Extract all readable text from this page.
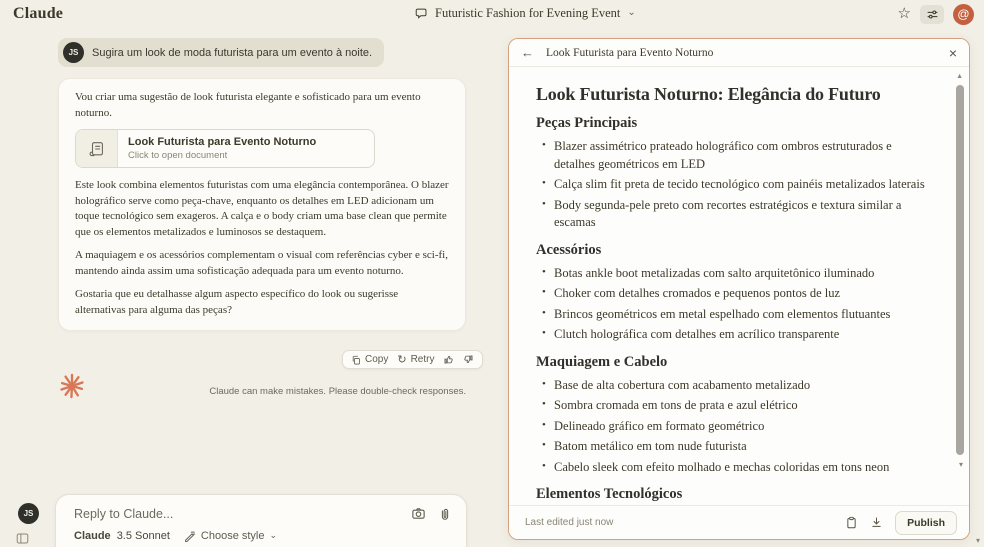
Claude	Futuristic Fashion for Evening Event ⌄	☆	@
JS	Sugira um look de moda futurista para um evento à noite.

Vou criar uma sugestão de look futurista elegante e sofisticado para um evento noturno.

Look Futurista para Evento Noturno
Click to open document

Este look combina elementos futuristas com uma elegância contemporânea. O blazer holográfico serve como peça-chave, enquanto os detalhes em LED adicionam um toque tecnológico sem exageros. A calça e o body criam uma base clean que permite que os elementos metalizados e luminosos se destaquem.

A maquiagem e os acessórios complementam o visual com referências cyber e sci-fi, mantendo ainda assim uma sofisticação adequada para um evento noturno.

Gostaria que eu detalhasse algum aspecto específico do look ou sugerisse alternativas para alguma das peças?

Copy ↻ Retry
Claude can make mistakes. Please double-check responses.
Reply to Claude...
Claude 3.5 Sonnet	Choose style ⌄
JS
← Look Futurista para Evento Noturno	×
Look Futurista Noturno: Elegância do Futuro
Peças Principais
• Blazer assimétrico prateado holográfico com ombros estruturados e detalhes geométricos em LED
• Calça slim fit preta de tecido tecnológico com painéis metalizados laterais
• Body segunda-pele preto com recortes estratégicos e textura similar a escamas
Acessórios
• Botas ankle boot metalizadas com salto arquitetônico iluminado
• Choker com detalhes cromados e pequenos pontos de luz
• Brincos geométricos em metal espelhado com elementos flutuantes
• Clutch holográfica com detalhes em acrílico transparente
Maquiagem e Cabelo
• Base de alta cobertura com acabamento metalizado
• Sombra cromada em tons de prata e azul elétrico
• Delineado gráfico em formato geométrico
• Batom metálico em tom nude futurista
• Cabelo sleek com efeito molhado e mechas coloridas em tons neon
Elementos Tecnológicos
▲
▾
Last edited just now	Publish
▾
